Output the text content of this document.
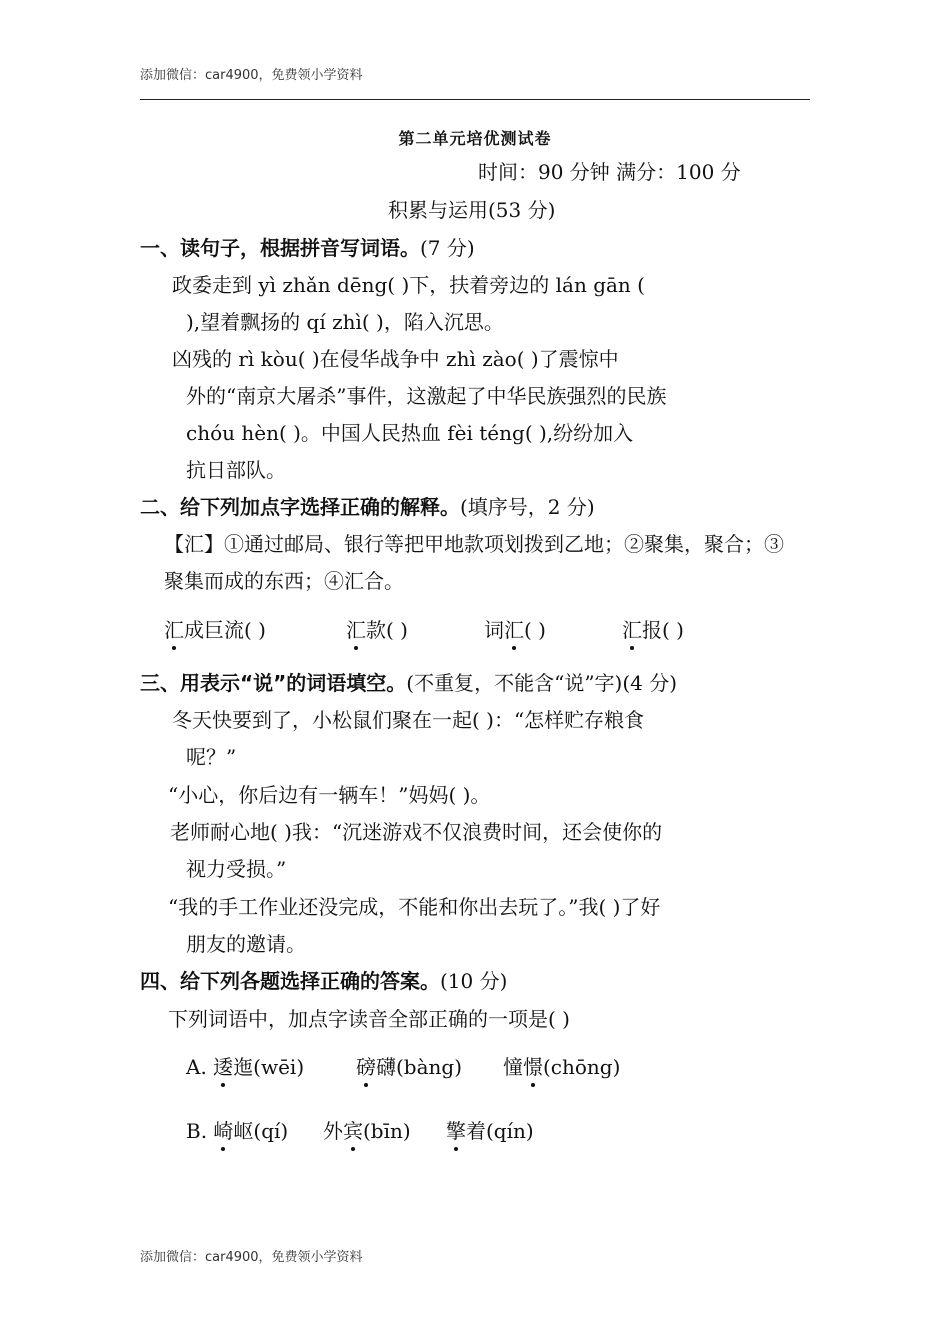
添加微信：car4900，免费领小学资料
第二单元培优测试卷
时间：90 分钟 满分：100 分
积累与运用(53 分)
一、读句子，根据拼音写词语。(7 分)
政委走到 yì zhǎn dēng( )下，扶着旁边的 lán gān (
),望着飘扬的 qí zhì( )，陷入沉思。
凶残的 rì kòu( )在侵华战争中 zhì zào( )了震惊中
外的“南京大屠杀”事件，这激起了中华民族强烈的民族
chóu hèn( )。中国人民热血 fèi téng( ),纷纷加入
抗日部队。
二、给下列加点字选择正确的解释。(填序号，2 分)
【汇】①通过邮局、银行等把甲地款项划拨到乙地；②聚集，聚合；③
聚集而成的东西；④汇合。
汇成巨流( )	汇款( )	词汇( )	汇报( )
三、用表示“说”的词语填空。(不重复，不能含“说”字)(4 分)
冬天快要到了，小松鼠们聚在一起( )：“怎样贮存粮食
呢？”
“小心，你后边有一辆车！”妈妈( )。
老师耐心地( )我：“沉迷游戏不仅浪费时间，还会使你的
视力受损。”
“我的手工作业还没完成，不能和你出去玩了。”我( )了好
朋友的邀请。
四、给下列各题选择正确的答案。(10 分)
下列词语中，加点字读音全部正确的一项是( )
A. 逶迤(wēi)	磅礴(bàng) 憧憬(chōng)
B. 崎岖(qí) 外宾(bīn) 擎着(qín)
添加微信：car4900，免费领小学资料
